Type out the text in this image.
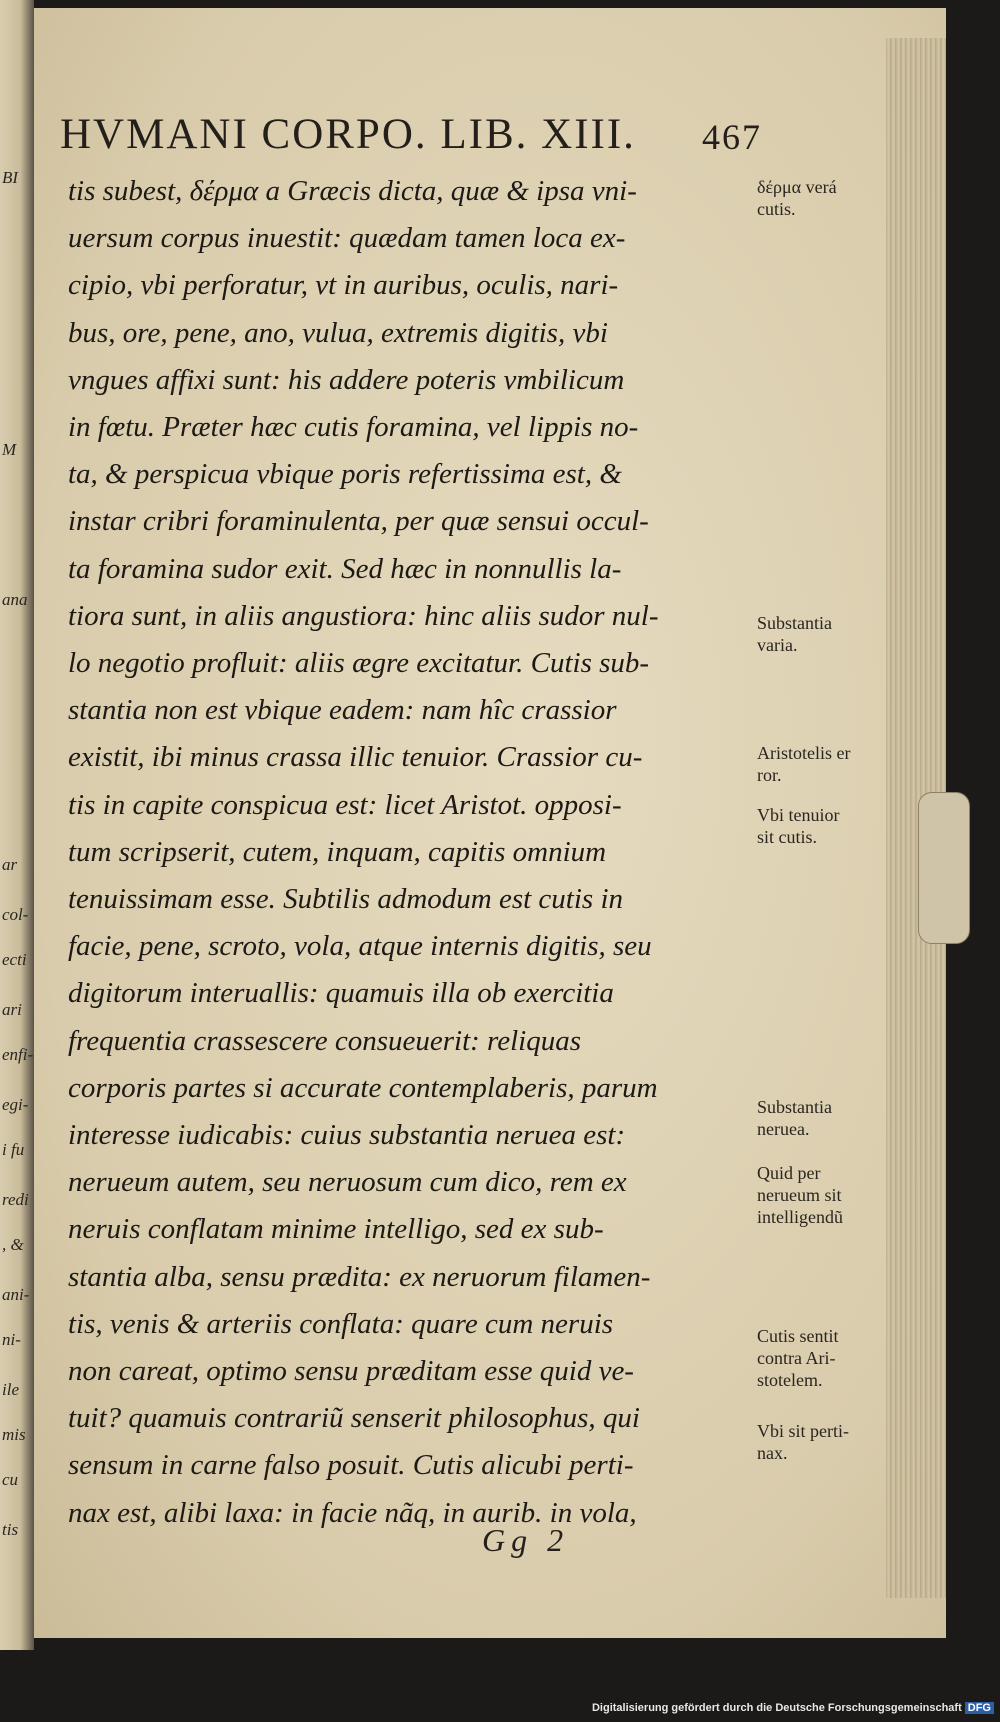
BI
M
ana
ar
col-
ecti
ari
enfi-
egi-
i fu
redi
, &
ani-
ni-
ile
mis
cu
tis
HVMANI CORPO. LIB. XIII. 467
tis subest, δέρμα a Græcis dicta, quæ & ipsa vni-
uersum corpus inuestit: quædam tamen loca ex-
cipio, vbi perforatur, vt in auribus, oculis, nari-
bus, ore, pene, ano, vulua, extremis digitis, vbi
vngues affixi sunt: his addere poteris vmbilicum
in fœtu. Præter hæc cutis foramina, vel lippis no-
ta, & perspicua vbique poris refertissima est, &
instar cribri foraminulenta, per quæ sensui occul-
ta foramina sudor exit. Sed hæc in nonnullis la-
tiora sunt, in aliis angustiora: hinc aliis sudor nul-
lo negotio profluit: aliis ægre excitatur. Cutis sub-
stantia non est vbique eadem: nam hîc crassior
existit, ibi minus crassa illic tenuior. Crassior cu-
tis in capite conspicua est: licet Aristot. opposi-
tum scripserit, cutem, inquam, capitis omnium
tenuissimam esse. Subtilis admodum est cutis in
facie, pene, scroto, vola, atque internis digitis, seu
digitorum interuallis: quamuis illa ob exercitia
frequentia crassescere consueuerit: reliquas
corporis partes si accurate contemplaberis, parum
interesse iudicabis: cuius substantia neruea est:
nerueum autem, seu neruosum cum dico, rem ex
neruis conflatam minime intelligo, sed ex sub-
stantia alba, sensu prædita: ex neruorum filamen-
tis, venis & arteriis conflata: quare cum neruis
non careat, optimo sensu præditam esse quid ve-
tuit? quamuis contrariũ senserit philosophus, qui
sensum in carne falso posuit. Cutis alicubi perti-
nax est, alibi laxa: in facie nãq, in aurib. in vola,
δέρμα verá
cutis.
Substantia
varia.
Aristotelis er
ror.
Vbi tenuior
sit cutis.
Substantia
neruea.
Quid per
nerueum sit
intelligendũ
Cutis sentit
contra Ari-
stotelem.
Vbi sit perti-
nax.
Gg 2
Digitalisierung gefördert durch die Deutsche Forschungsgemeinschaft DFG
